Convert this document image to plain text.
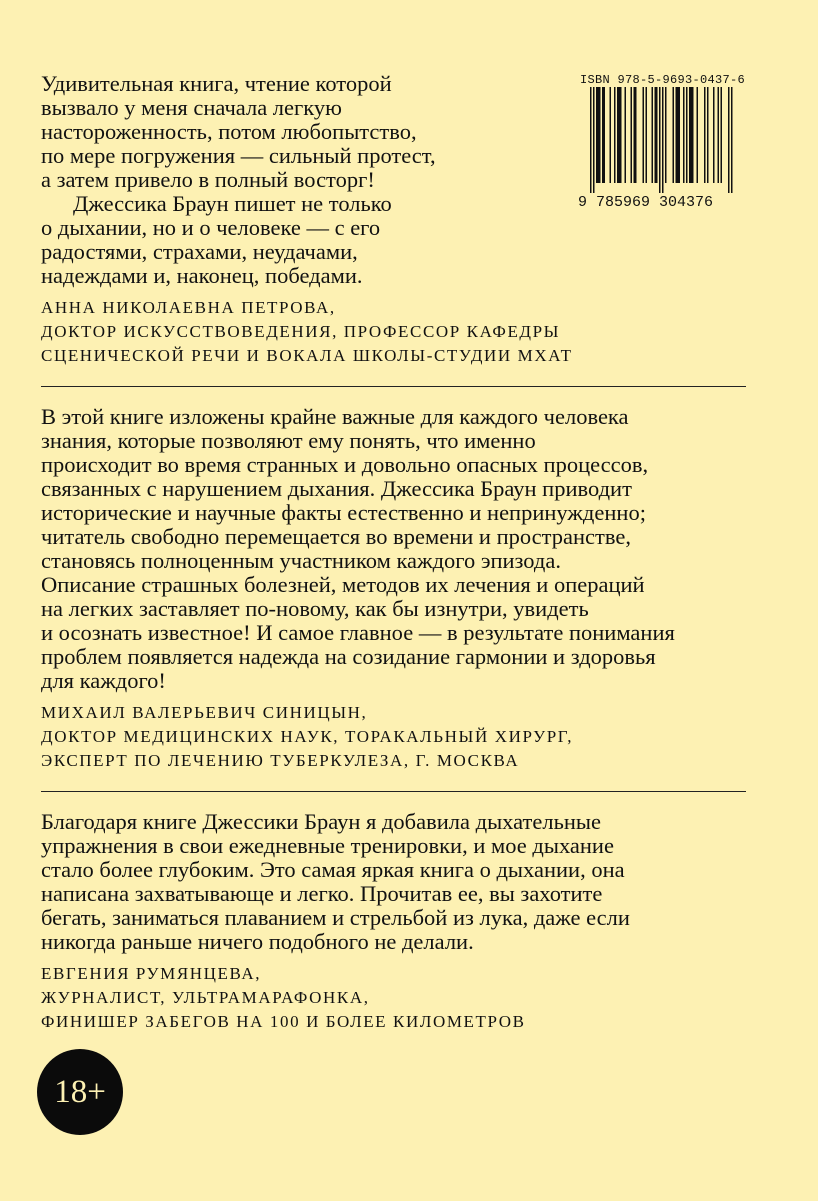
Удивительная книга, чтение которой
вызвало у меня сначала легкую
настороженность, потом любопытство,
по мере погружения — сильный протест,
а затем привело в полный восторг!
Джессика Браун пишет не только
о дыхании, но и о человеке — с его
радостями, страхами, неудачами,
надеждами и, наконец, победами.
АННА НИКОЛАЕВНА ПЕТРОВА,
ДОКТОР ИСКУССТВОВЕДЕНИЯ, ПРОФЕССОР КАФЕДРЫ
СЦЕНИЧЕСКОЙ РЕЧИ И ВОКАЛА ШКОЛЫ-СТУДИИ МХАТ
ISBN 978-5-9693-0437-6
9 785969 304376
В этой книге изложены крайне важные для каждого человека
знания, которые позволяют ему понять, что именно
происходит во время странных и довольно опасных процессов,
связанных с нарушением дыхания. Джессика Браун приводит
исторические и научные факты естественно и непринужденно;
читатель свободно перемещается во времени и пространстве,
становясь полноценным участником каждого эпизода.
Описание страшных болезней, методов их лечения и операций
на легких заставляет по-новому, как бы изнутри, увидеть
и осознать известное! И самое главное — в результате понимания
проблем появляется надежда на созидание гармонии и здоровья
для каждого!
МИХАИЛ ВАЛЕРЬЕВИЧ СИНИЦЫН,
ДОКТОР МЕДИЦИНСКИХ НАУК, ТОРАКАЛЬНЫЙ ХИРУРГ,
ЭКСПЕРТ ПО ЛЕЧЕНИЮ ТУБЕРКУЛЕЗА, Г. МОСКВА
Благодаря книге Джессики Браун я добавила дыхательные
упражнения в свои ежедневные тренировки, и мое дыхание
стало более глубоким. Это самая яркая книга о дыхании, она
написана захватывающе и легко. Прочитав ее, вы захотите
бегать, заниматься плаванием и стрельбой из лука, даже если
никогда раньше ничего подобного не делали.
ЕВГЕНИЯ РУМЯНЦЕВА,
ЖУРНАЛИСТ, УЛЬТРАМАРАФОНКА,
ФИНИШЕР ЗАБЕГОВ НА 100 И БОЛЕЕ КИЛОМЕТРОВ
18+
